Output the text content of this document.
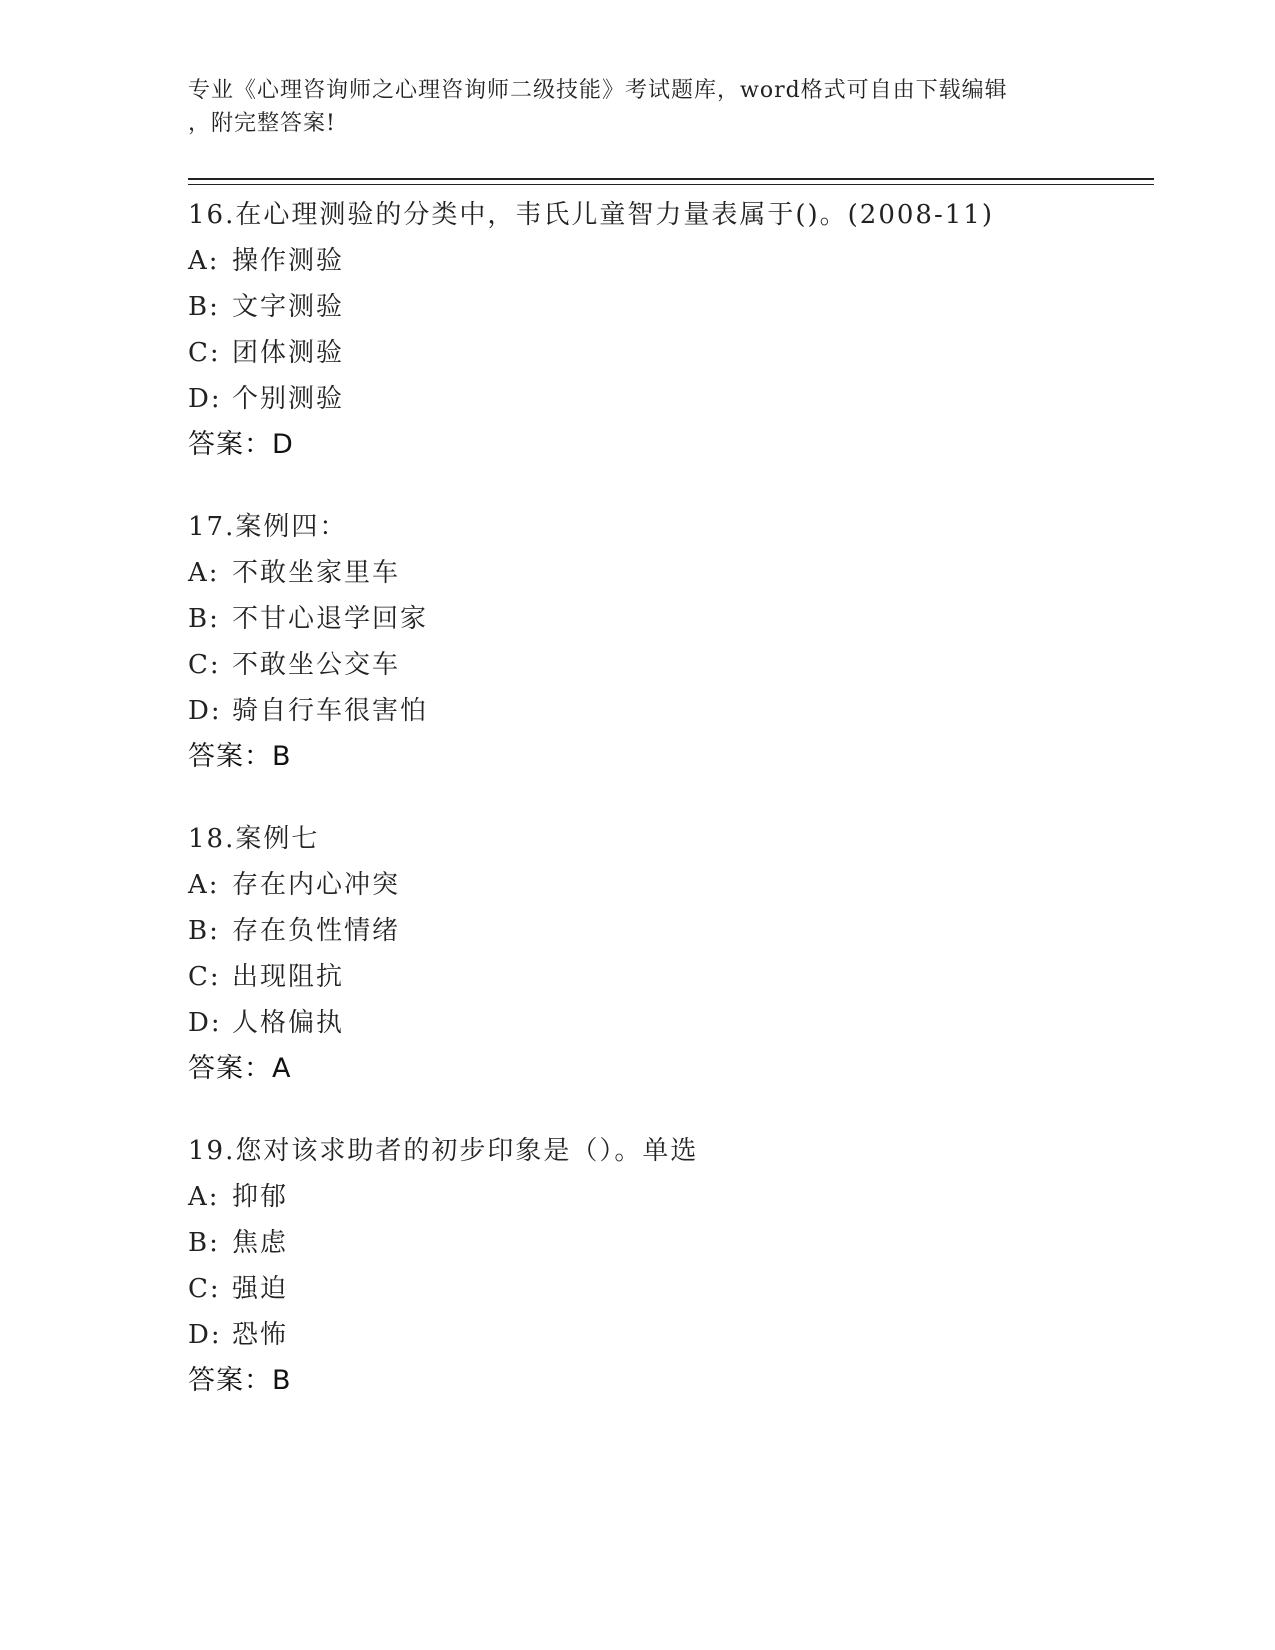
专业《心理咨询师之心理咨询师二级技能》考试题库，word格式可自由下载编辑
，附完整答案!
16.在心理测验的分类中，韦氏儿童智力量表属于()。(2008-11)
A: 操作测验
B: 文字测验
C: 团体测验
D: 个别测验
答案：D
17.案例四：
A: 不敢坐家里车
B: 不甘心退学回家
C: 不敢坐公交车
D: 骑自行车很害怕
答案：B
18.案例七
A: 存在内心冲突
B: 存在负性情绪
C: 出现阻抗
D: 人格偏执
答案：A
19.您对该求助者的初步印象是（）。单选
A: 抑郁
B: 焦虑
C: 强迫
D: 恐怖
答案：B
